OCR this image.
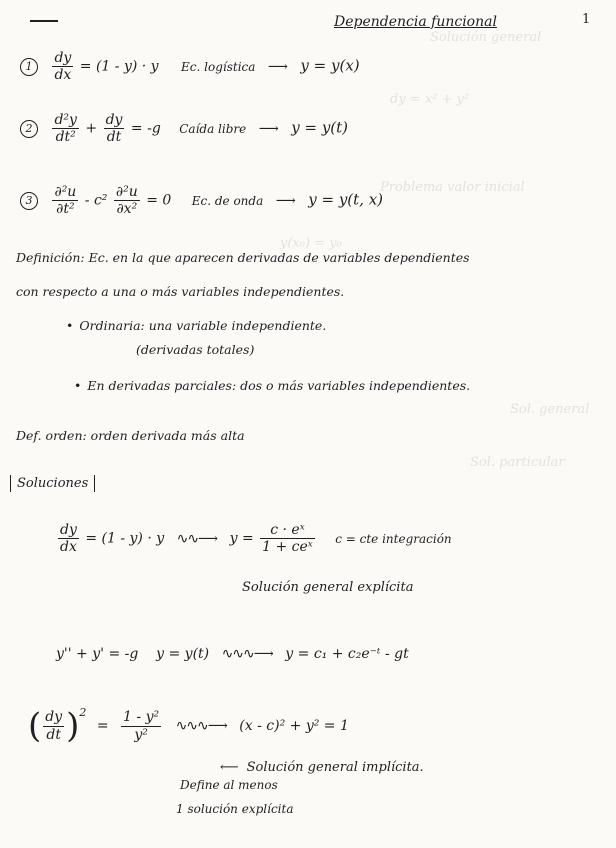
Solución general
dy = x² + y²
Problema valor inicial
y(x₀) = y₀
Sol. general
Sol. particular
Dependencia funcional	1
$1 \frac{dy}{dx} = (1 - y) \cdot y$ Ec. logística ⟶ y = y(x)
$2 \frac{\text{d²y}}{\text{dt²}} + \frac{dy}{dt} = -g$ Caída libre ⟶ y = y(t)
$3 \frac{\text{∂²u}}{\text{∂t²}} - c^2 \frac{\text{∂²u}}{\text{∂x²}} = 0$ Ec. de onda ⟶ y = y(t, x)
Definición: Ec. en la que aparecen derivadas de variables dependientes
con respecto a una o más variables independientes.
• Ordinaria: una variable independiente.
(derivadas totales)
• En derivadas parciales: dos o más variables independientes.
Def. orden: orden derivada más alta
Soluciones
$\frac{dy}{dx} = (1 - y) \cdot y$ ∿∿⟶ $y = \frac{\text{c · eˣ}}{\text{1 + ceˣ}}$ c = cte integración
Solución general explícita
y'' + y' = -g    y = y(t) ∿∿∿⟶ y = c₁ + c₂e⁻ᵗ - gt
( $\frac{dy}{dt} )^2 = \frac{\text{1 - y²}}{\text{y²}}$ ∿∿∿⟶ (x - c)² + y² = 1
⟵ Solución general implícita.
Define al menos
1 solución explícita
